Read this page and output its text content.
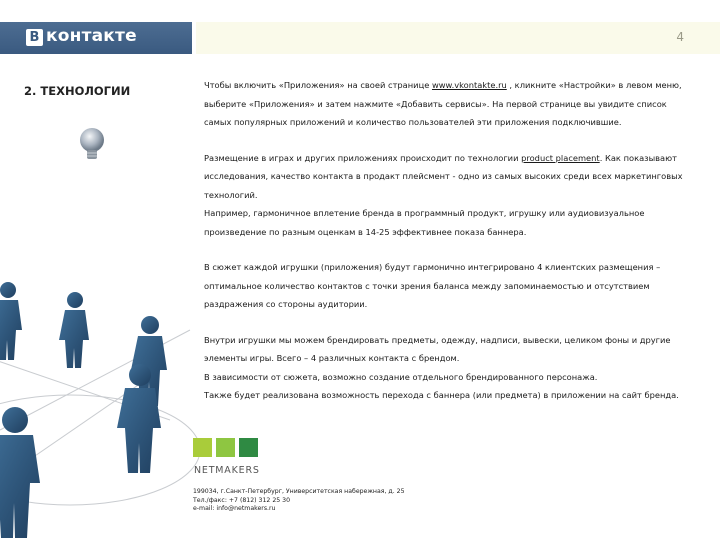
В контакте	4
2. ТЕХНОЛОГИИ	Чтобы включить «Приложения» на своей странице www.vkontakte.ru , кликните «Настройки» в левом меню, выберите «Приложения» и затем нажмите «Добавить сервисы». На первой странице вы увидите список самых популярных приложений и количество пользователей эти приложения подключившие.

Размещение в играх и других приложениях происходит по технологии product placement. Как показывают исследования, качество контакта в продакт плейсмент - одно из самых высоких среди всех маркетинговых технологий.

Например, гармоничное вплетение бренда в программный продукт, игрушку или аудиовизуальное произведение по разным оценкам в 14-25 эффективнее показа баннера.

В сюжет каждой игрушки (приложения) будут гармонично интегрировано 4 клиентских размещения – оптимальное количество контактов с точки зрения баланса между запоминаемостью и отсутствием раздражения со стороны аудитории.

Внутри игрушки мы можем брендировать предметы, одежду, надписи, вывески, целиком фоны и другие элементы игры. Всего – 4 различных контакта с брендом.

В зависимости от сюжета, возможно создание отдельного брендированного персонажа.

Также будет реализована возможность перехода с баннера (или предмета) в приложении на сайт бренда.

NETMAKERS
199034, г.Санкт-Петербург, Университетская набережная, д. 25
Тел./факс: +7 (812) 312 25 30
e-mail: info@netmakers.ru
